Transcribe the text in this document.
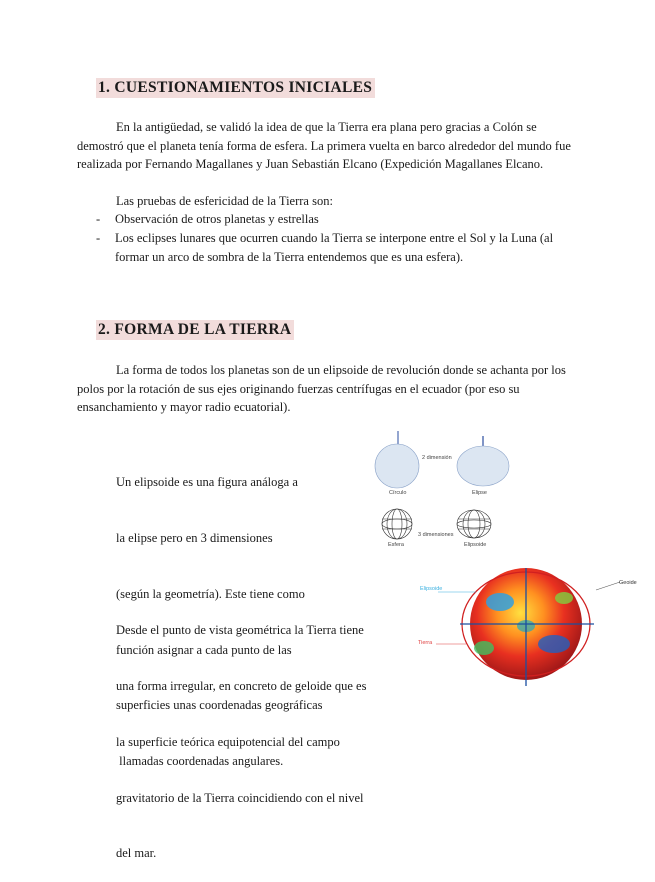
1. CUESTIONAMIENTOS INICIALES

En la antigüedad, se validó la idea de que la Tierra era plana pero gracias a Colón se demostró que el planeta tenía forma de esfera. La primera vuelta en barco alrededor del mundo fue realizada por Fernando Magallanes y Juan Sebastián Elcano (Expedición Magallanes Elcano.

Las pruebas de esfericidad de la Tierra son:

- Observación de otros planetas y estrellas
- Los eclipses lunares que ocurren cuando la Tierra se interpone entre el Sol y la Luna (al formar un arco de sombra de la Tierra entendemos que es una esfera).
2. FORMA DE LA TIERRA

La forma de todos los planetas son de un elipsoide de revolución donde se achanta por los polos por la rotación de sus ejes originando fuerzas centrífugas en el ecuador (por eso su ensanchamiento y mayor radio ecuatorial).

Un elipsoide es una figura análoga a

la elipse pero en 3 dimensiones

(según la geometría). Este tiene como

función asignar a cada punto de las

superficies unas coordenadas geográficas

llamadas coordenadas angulares.

2 dimensión
Círculo	Elipse
3 dimensiones
Esfera	Elipsoide

Desde el punto de vista geométrica la Tierra tiene

una forma irregular, en concreto de geloide que es

la superficie teórica equipotencial del campo

gravitatorio de la Tierra coincidiendo con el nivel

del mar.

Elipsoide
Geoide
Tierra
